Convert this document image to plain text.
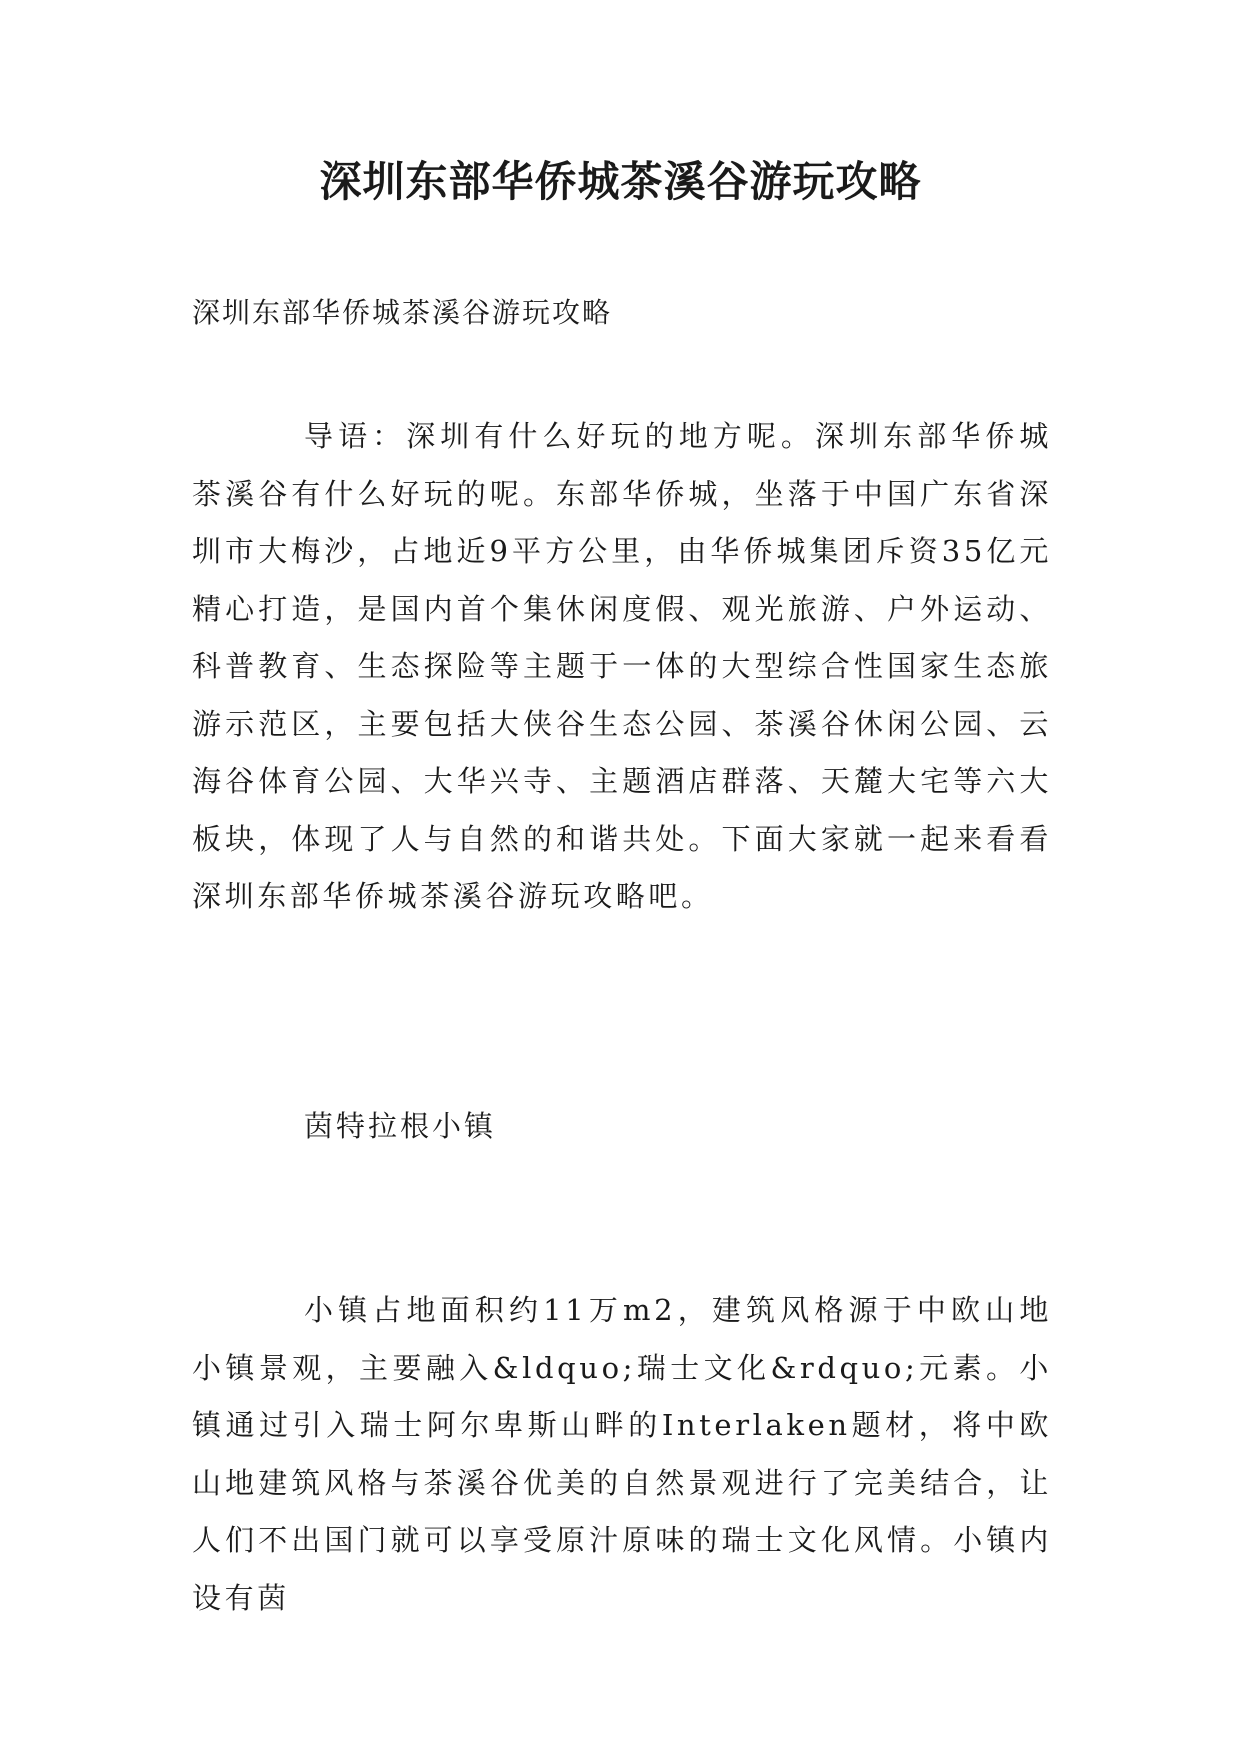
深圳东部华侨城茶溪谷游玩攻略

深圳东部华侨城茶溪谷游玩攻略

导语：深圳有什么好玩的地方呢。深圳东部华侨城茶溪谷有什么好玩的呢。东部华侨城，坐落于中国广东省深圳市大梅沙，占地近9平方公里，由华侨城集团斥资35亿元精心打造，是国内首个集休闲度假、观光旅游、户外运动、科普教育、生态探险等主题于一体的大型综合性国家生态旅游示范区，主要包括大侠谷生态公园、茶溪谷休闲公园、云海谷体育公园、大华兴寺、主题酒店群落、天麓大宅等六大板块，体现了人与自然的和谐共处。下面大家就一起来看看深圳东部华侨城茶溪谷游玩攻略吧。

茵特拉根小镇

小镇占地面积约11万m2，建筑风格源于中欧山地小镇景观，主要融入&ldquo;瑞士文化&rdquo;元素。小镇通过引入瑞士阿尔卑斯山畔的Interlaken题材，将中欧山地建筑风格与茶溪谷优美的自然景观进行了完美结合，让人们不出国门就可以享受原汁原味的瑞士文化风情。小镇内设有茵
